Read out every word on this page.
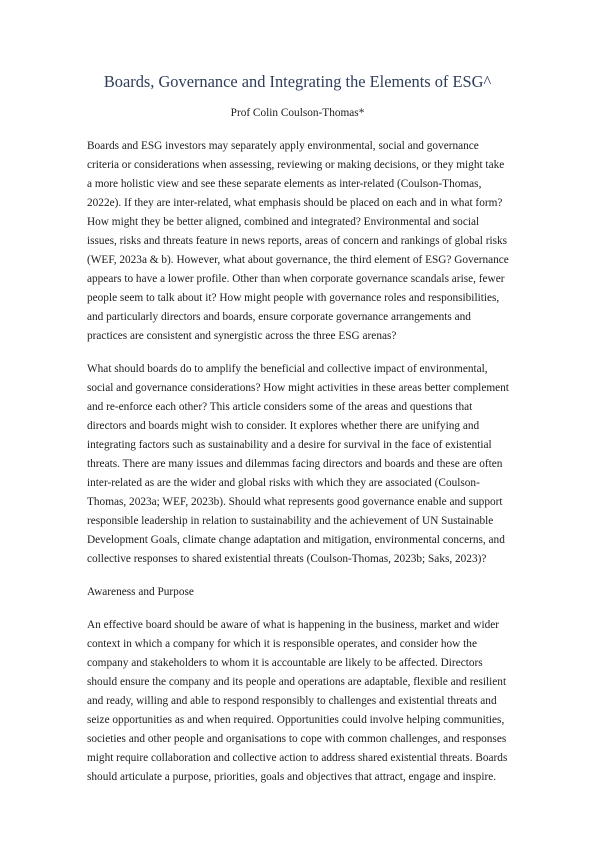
Boards, Governance and Integrating the Elements of ESG^
Prof Colin Coulson-Thomas*
Boards and ESG investors may separately apply environmental, social and governance
criteria or considerations when assessing, reviewing or making decisions, or they might take
a more holistic view and see these separate elements as inter-related (Coulson-Thomas,
2022e). If they are inter-related, what emphasis should be placed on each and in what form?
How might they be better aligned, combined and integrated? Environmental and social
issues, risks and threats feature in news reports, areas of concern and rankings of global risks
(WEF, 2023a & b). However, what about governance, the third element of ESG? Governance
appears to have a lower profile. Other than when corporate governance scandals arise, fewer
people seem to talk about it? How might people with governance roles and responsibilities,
and particularly directors and boards, ensure corporate governance arrangements and
practices are consistent and synergistic across the three ESG arenas?
What should boards do to amplify the beneficial and collective impact of environmental,
social and governance considerations? How might activities in these areas better complement
and re-enforce each other? This article considers some of the areas and questions that
directors and boards might wish to consider. It explores whether there are unifying and
integrating factors such as sustainability and a desire for survival in the face of existential
threats. There are many issues and dilemmas facing directors and boards and these are often
inter-related as are the wider and global risks with which they are associated (Coulson-
Thomas, 2023a; WEF, 2023b). Should what represents good governance enable and support
responsible leadership in relation to sustainability and the achievement of UN Sustainable
Development Goals, climate change adaptation and mitigation, environmental concerns, and
collective responses to shared existential threats (Coulson-Thomas, 2023b; Saks, 2023)?
Awareness and Purpose
An effective board should be aware of what is happening in the business, market and wider
context in which a company for which it is responsible operates, and consider how the
company and stakeholders to whom it is accountable are likely to be affected. Directors
should ensure the company and its people and operations are adaptable, flexible and resilient
and ready, willing and able to respond responsibly to challenges and existential threats and
seize opportunities as and when required. Opportunities could involve helping communities,
societies and other people and organisations to cope with common challenges, and responses
might require collaboration and collective action to address shared existential threats. Boards
should articulate a purpose, priorities, goals and objectives that attract, engage and inspire.
